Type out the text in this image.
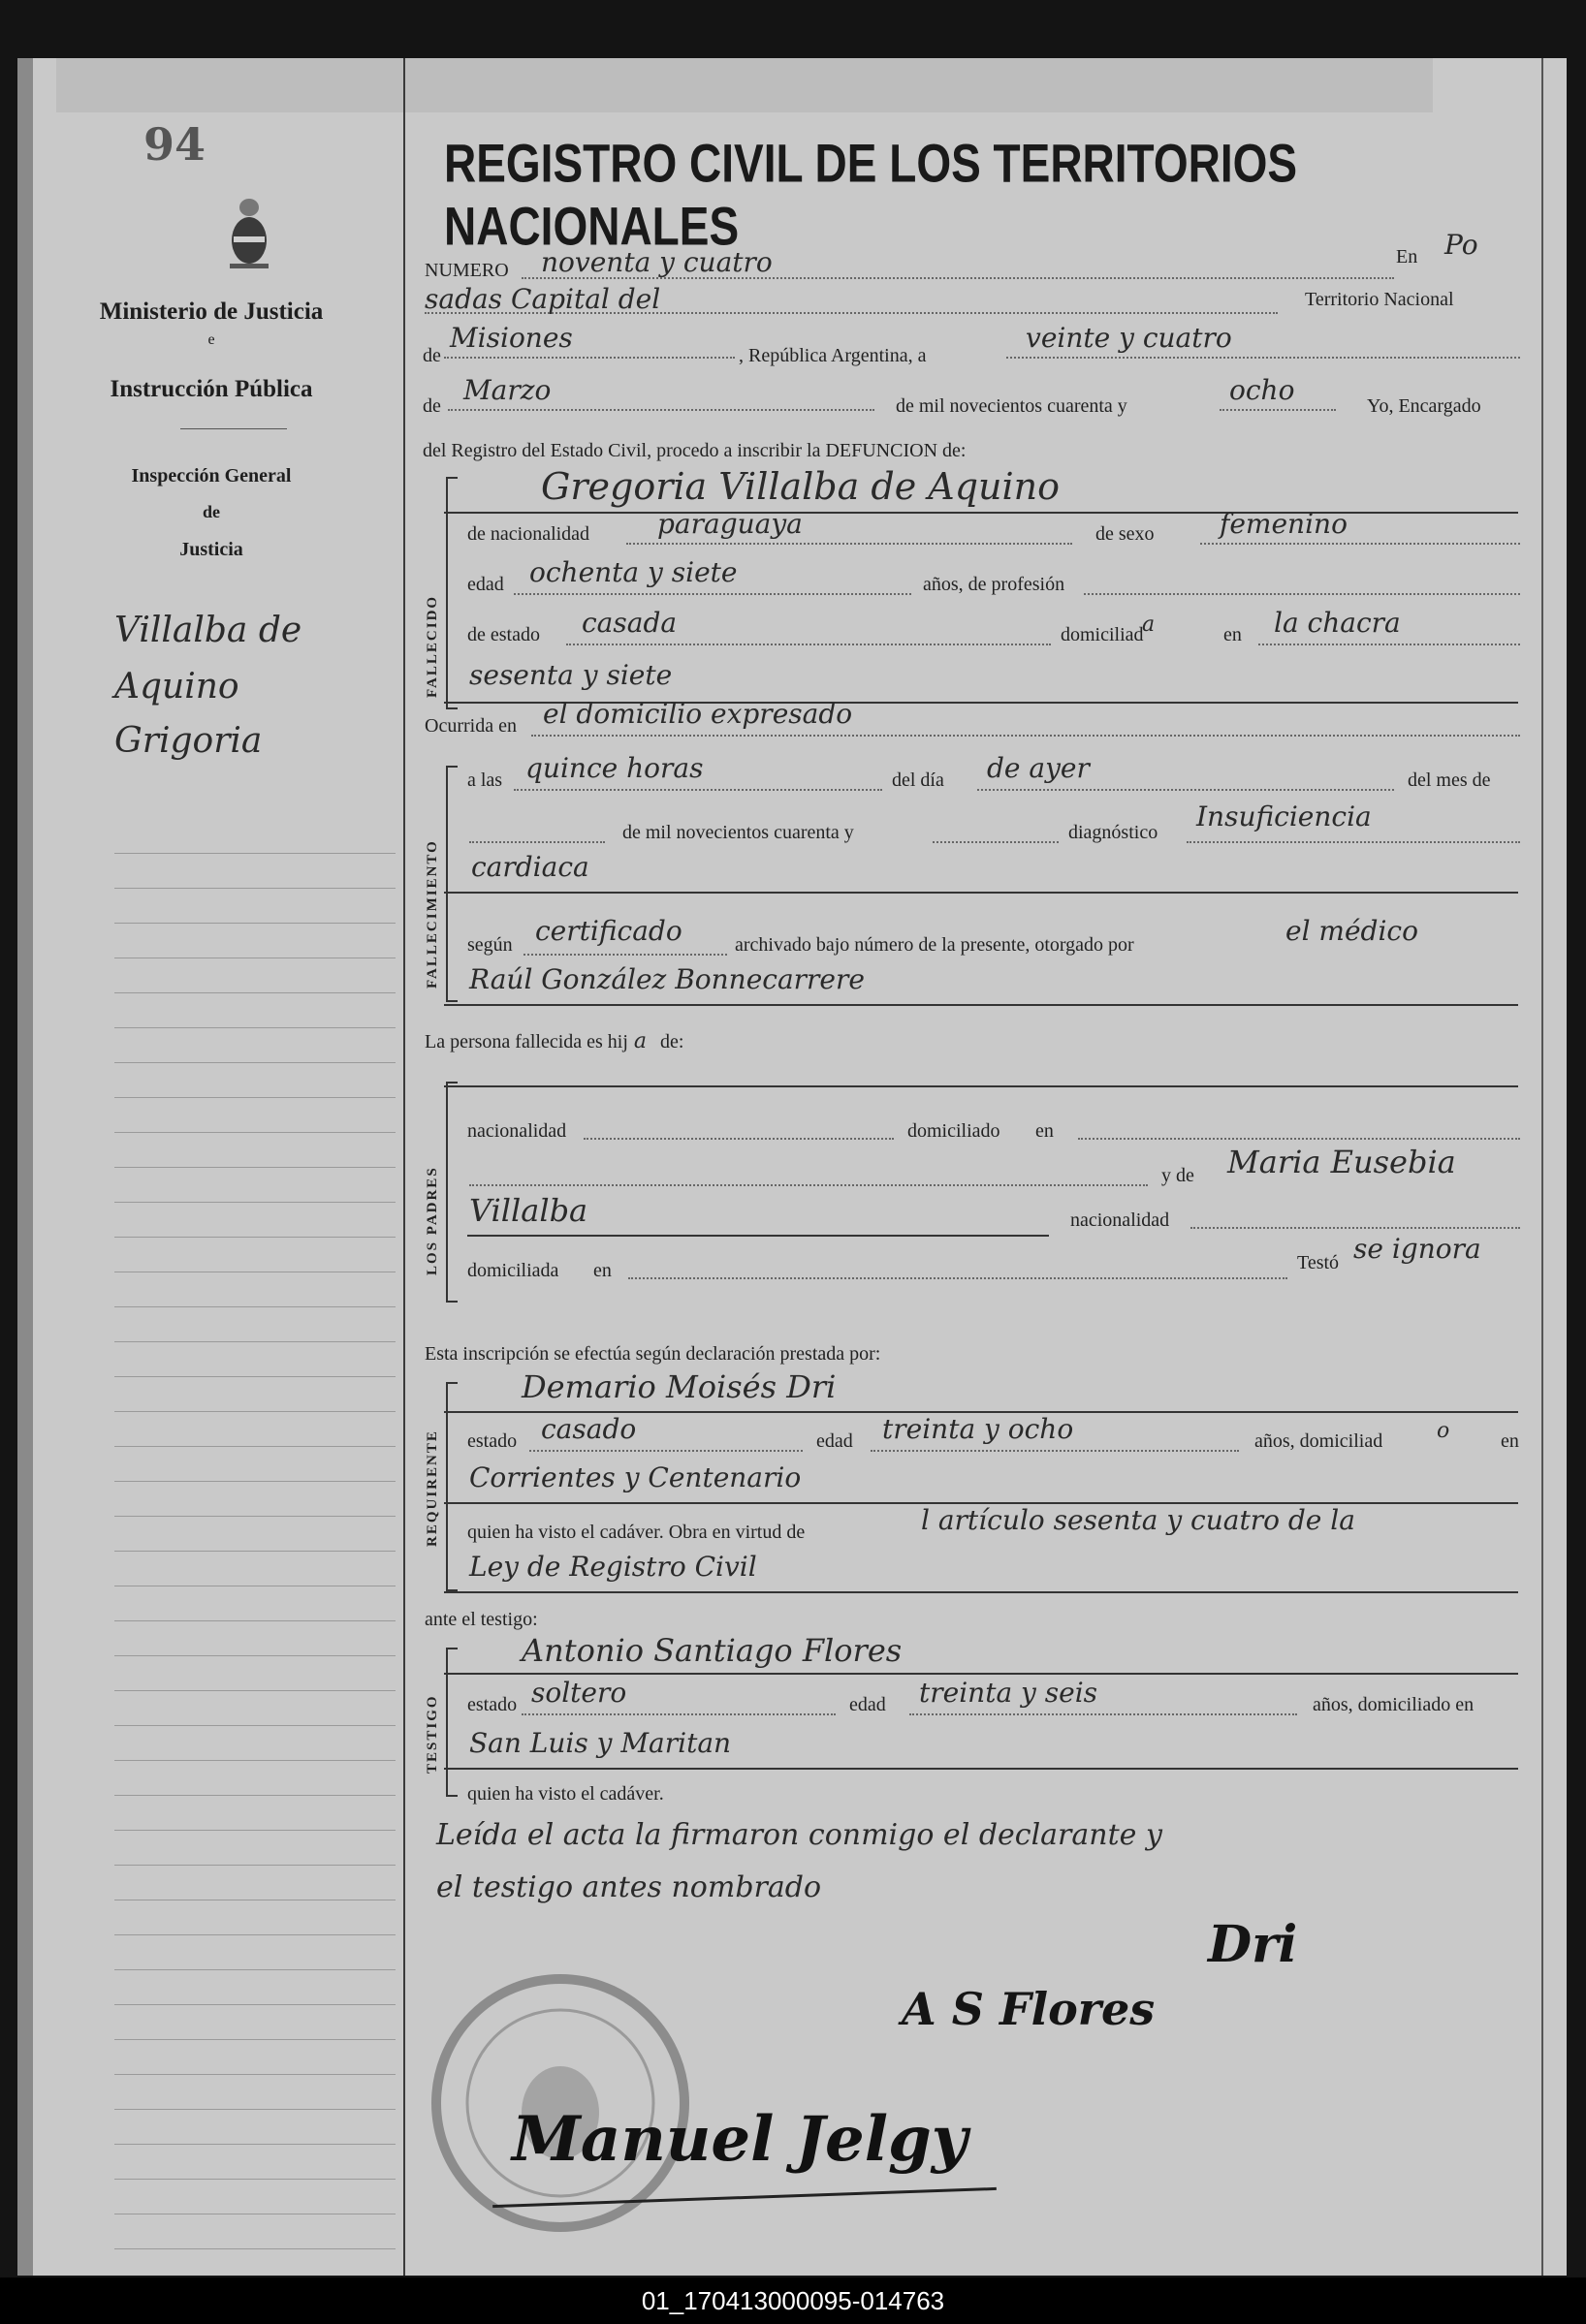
94
Ministerio de Justicia
e
Instrucción Pública
Inspección General
de
Justicia
Villalba de
Aquino
Grigoria
REGISTRO CIVIL DE LOS TERRITORIOS NACIONALES
NUMERO noventa y cuatro	En Po
sadas Capital del	Territorio Nacional
de
Misiones
, República Argentina, a
veinte y cuatro
de Marzo	de mil novecientos cuarenta y	ocho	Yo, Encargado
del Registro del Estado Civil, procedo a inscribir la DEFUNCION de:
FALLECIDO
Gregoria Villalba de Aquino
de nacionalidad paraguaya	de sexo femenino
edad ochenta y siete	años, de profesión
de estado casada	domiciliad
a	en la chacra
sesenta y siete
Ocurrida en el domicilio expresado
FALLECIMIENTO
a las quince horas	del día de ayer	del mes de
de mil novecientos cuarenta y	diagnóstico Insuficiencia
cardiaca
según certificado	archivado bajo número de la presente, otorgado por	el médico
Raúl González Bonnecarrere
La persona fallecida es hij a de:
LOS PADRES
nacionalidad	domiciliado en
y de Maria Eusebia
Villalba	nacionalidad
domiciliada en	Testó se ignora
Esta inscripción se efectúa según declaración prestada por:
REQUIRENTE
Demario Moisés Dri
estado casado	edad treinta y ocho	años, domiciliad	o	en
Corrientes y Centenario
quien ha visto el cadáver. Obra en virtud de	l artículo sesenta y cuatro de la
Ley de Registro Civil
ante el testigo:
TESTIGO
Antonio Santiago Flores
estado soltero	edad treinta y seis	años, domiciliado en
San Luis y Maritan
quien ha visto el cadáver.
Leída el acta la firmaron conmigo el declarante y
el testigo antes nombrado
Dri
A S Flores
Manuel Jelgy
01_170413000095-014763
